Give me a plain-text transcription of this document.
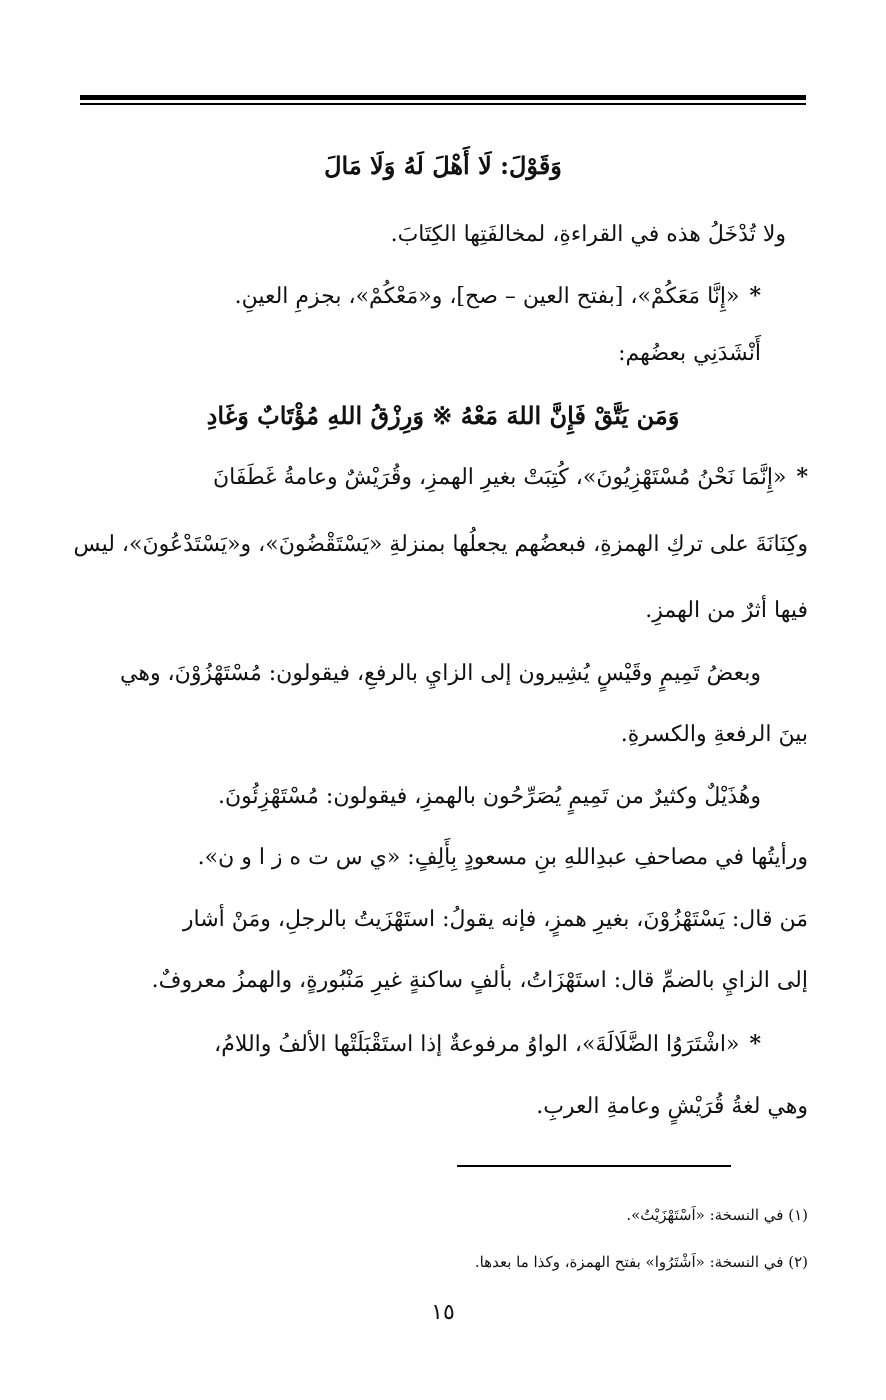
وَقَوْلَ: لَا أَهْلَ لَهُ وَلَا مَالَ
ولا تُدْخَلُ هذه في القراءةِ، لمخالفَتِها الكِتَابَ.
*«إِنَّا مَعَكُمْ»، [بفتح العين – صح]، و«مَعْكُمْ»، بجزمِ العينِ.
أَنْشَدَنِي بعضُهم:
وَمَن يَتَّقْ فَإِنَّ اللهَ مَعْهُ ※ وَرِزْقُ اللهِ مُؤْتَابٌ وَغَادِ
*«إِنَّمَا نَحْنُ مُسْتَهْزِيُونَ»، كُتِبَتْ بغيرِ الهمزِ، وقُرَيْشٌ وعامةُ غَطَفَانَ
وكِنَانَةَ على تركِ الهمزةِ، فبعضُهم يجعلُها بمنزلةِ «يَسْتَقْضُونَ»، و«يَسْتَدْعُونَ»، ليس
فيها أثرٌ من الهمزِ.
وبعضُ تَمِيمٍ وقَيْسٍ يُشِيرون إلى الزايِ بالرفعِ، فيقولون: مُسْتَهْزُوْنَ، وهي
بينَ الرفعةِ والكسرةِ.
وهُذَيْلٌ وكثيرٌ من تَمِيمٍ يُصَرِّحُون بالهمزِ، فيقولون: مُسْتَهْزِئُونَ.
ورأيتُها في مصاحفِ عبدِاللهِ بنِ مسعودٍ بِأَلِفٍ: «ي س ت ه ز ا و ن».
مَن قال: يَسْتَهْزُوْنَ، بغيرِ همزٍ، فإنه يقولُ: استَهْزَيتُ بالرجلِ، ومَنْ أشار
إلى الزايِ بالضمِّ قال: استَهْزَاتُ، بألفٍ ساكنةٍ غيرِ مَنْبُورةٍ، والهمزُ معروفٌ.
*«اشْتَرَوُا الضَّلَالَةَ»، الواوُ مرفوعةٌ إذا استَقْبَلَتْها الألفُ واللامُ،
وهي لغةُ قُرَيْشٍ وعامةِ العربِ.
(١) في النسخة: «اَسْتَهْزَيْتُ».
(٢) في النسخة: «اَشْتَرُوا» بفتح الهمزة، وكذا ما بعدها.
١٥
